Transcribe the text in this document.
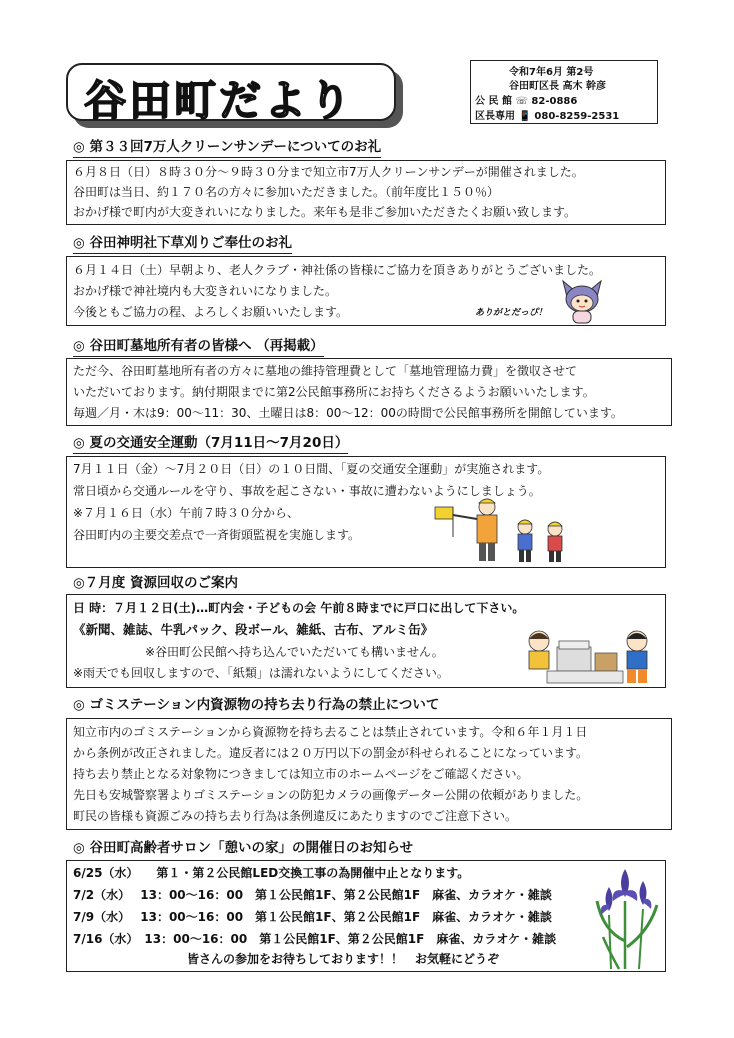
谷田町だより
令和7年6月 第2号
谷田町区長 高木 幹彦
公 民 館 ☏ 82-0886
区長専用 📱 080-8259-2531
◎ 第３３回7万人クリーンサンデーについてのお礼
６月８日（日）８時３０分～９時３０分まで知立市7万人クリーンサンデーが開催されました。
谷田町は当日、約１７０名の方々に参加いただきました。（前年度比１５０％）
おかげ様で町内が大変きれいになりました。来年も是非ご参加いただきたくお願い致します。
◎ 谷田神明社下草刈りご奉仕のお礼
６月１４日（土）早朝より、老人クラブ・神社係の皆様にご協力を頂きありがとうございました。
おかげ様で神社境内も大変きれいになりました。
今後ともご協力の程、よろしくお願いいたします。	ありがとだっぴ！
◎ 谷田町墓地所有者の皆様へ （再掲載）
ただ今、谷田町墓地所有者の方々に墓地の維持管理費として「墓地管理協力費」を徴収させて
いただいております。納付期限までに第2公民館事務所にお持ちくださるようお願いいたします。
毎週／月・木は9：00～11：30、土曜日は8：00～12：00の時間で公民館事務所を開館しています。
◎ 夏の交通安全運動（7月11日～7月20日）
7月１１日（金）～7月２０日（日）の１０日間、「夏の交通安全運動」が実施されます。
常日頃から交通ルールを守り、事故を起こさない・事故に遭わないようにしましょう。
※７月１６日（水）午前７時３０分から、
谷田町内の主要交差点で一斉街頭監視を実施します。
◎７月度 資源回収のご案内
日 時：７月１２日(土)…町内会・子どもの会 午前８時までに戸口に出して下さい。
《新聞、雑誌、牛乳パック、段ボール、雑紙、古布、アルミ缶》
※谷田町公民館へ持ち込んでいただいても構いません。
※雨天でも回収しますので、「紙類」は濡れないようにしてください。
◎ ゴミステーション内資源物の持ち去り行為の禁止について
知立市内のゴミステーションから資源物を持ち去ることは禁止されています。令和６年１月１日
から条例が改正されました。違反者には２０万円以下の罰金が科せられることになっています。
持ち去り禁止となる対象物につきましては知立市のホームページをご確認ください。
先日も安城警察署よりゴミステーションの防犯カメラの画像データー公開の依頼がありました。
町民の皆様も資源ごみの持ち去り行為は条例違反にあたりますのでご注意下さい。
◎ 谷田町高齢者サロン「憩いの家」の開催日のお知らせ
6/25（水）　　第１・第２公民館LED交換工事の為開催中止となります。
7/2（水）　 13：00～16：00　第１公民館1F、第２公民館1F　麻雀、カラオケ・雑談
7/9（水）　 13：00～16：00　第１公民館1F、第２公民館1F　麻雀、カラオケ・雑談
7/16（水）　13：00～16：00　第１公民館1F、第２公民館1F　麻雀、カラオケ・雑談
皆さんの参加をお待ちしております！！　お気軽にどうぞ
